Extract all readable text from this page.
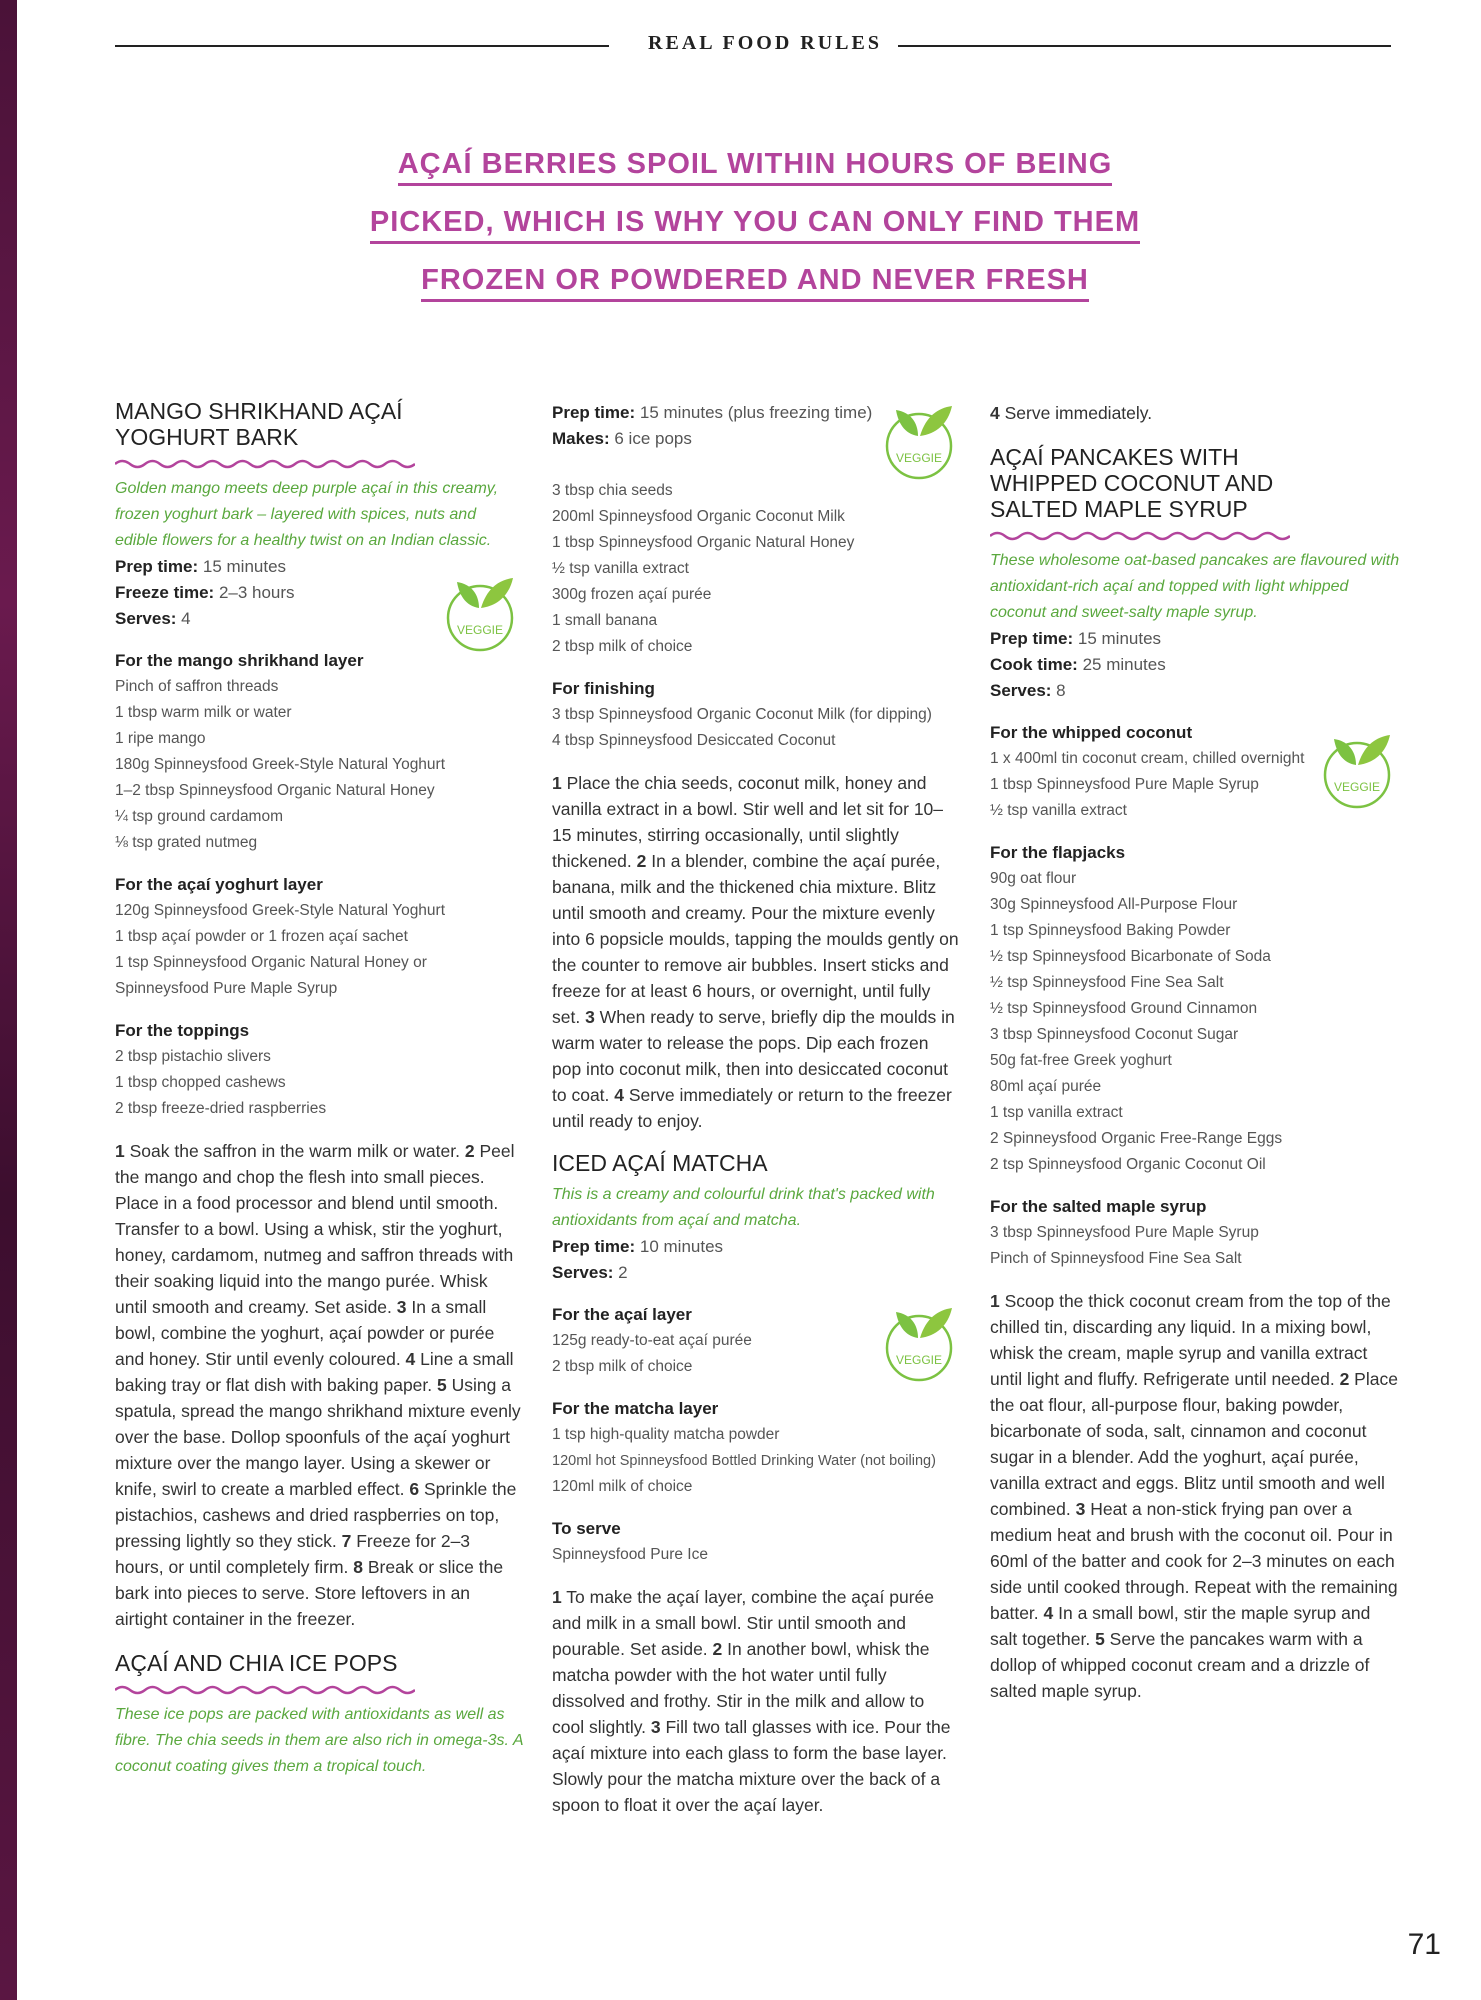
REAL FOOD RULES
AÇAÍ BERRIES SPOIL WITHIN HOURS OF BEING
PICKED, WHICH IS WHY YOU CAN ONLY FIND THEM
FROZEN OR POWDERED AND NEVER FRESH
MANGO SHRIKHAND AÇAÍ
YOGHURT BARK
Golden mango meets deep purple açaí in this creamy, frozen yoghurt bark – layered with spices, nuts and edible flowers for a healthy twist on an Indian classic.
Prep time: 15 minutes
Freeze time: 2–3 hours
Serves: 4
For the mango shrikhand layer
Pinch of saffron threads
1 tbsp warm milk or water
1 ripe mango
180g Spinneysfood Greek-Style Natural Yoghurt
1–2 tbsp Spinneysfood Organic Natural Honey
¼ tsp ground cardamom
⅛ tsp grated nutmeg
For the açaí yoghurt layer
120g Spinneysfood Greek-Style Natural Yoghurt
1 tbsp açaí powder or 1 frozen açaí sachet
1 tsp Spinneysfood Organic Natural Honey or
Spinneysfood Pure Maple Syrup
For the toppings
2 tbsp pistachio slivers
1 tbsp chopped cashews
2 tbsp freeze-dried raspberries

1 Soak the saffron in the warm milk or water. 2 Peel the mango and chop the flesh into small pieces. Place in a food processor and blend until smooth. Transfer to a bowl. Using a whisk, stir the yoghurt, honey, cardamom, nutmeg and saffron threads with their soaking liquid into the mango purée. Whisk until smooth and creamy. Set aside. 3 In a small bowl, combine the yoghurt, açaí powder or purée and honey. Stir until evenly coloured. 4 Line a small baking tray or flat dish with baking paper. 5 Using a spatula, spread the mango shrikhand mixture evenly over the base. Dollop spoonfuls of the açaí yoghurt mixture over the mango layer. Using a skewer or knife, swirl to create a marbled effect. 6 Sprinkle the pistachios, cashews and dried raspberries on top, pressing lightly so they stick. 7 Freeze for 2–3 hours, or until completely firm. 8 Break or slice the bark into pieces to serve. Store leftovers in an airtight container in the freezer.

AÇAÍ AND CHIA ICE POPS
These ice pops are packed with antioxidants as well as fibre. The chia seeds in them are also rich in omega-3s. A coconut coating gives them a tropical touch.
Prep time: 15 minutes (plus freezing time)
Makes: 6 ice pops
3 tbsp chia seeds
200ml Spinneysfood Organic Coconut Milk
1 tbsp Spinneysfood Organic Natural Honey
½ tsp vanilla extract
300g frozen açaí purée
1 small banana
2 tbsp milk of choice
For finishing
3 tbsp Spinneysfood Organic Coconut Milk (for dipping)
4 tbsp Spinneysfood Desiccated Coconut

1 Place the chia seeds, coconut milk, honey and vanilla extract in a bowl. Stir well and let sit for 10–15 minutes, stirring occasionally, until slightly thickened. 2 In a blender, combine the açaí purée, banana, milk and the thickened chia mixture. Blitz until smooth and creamy. Pour the mixture evenly into 6 popsicle moulds, tapping the moulds gently on the counter to remove air bubbles. Insert sticks and freeze for at least 6 hours, or overnight, until fully set. 3 When ready to serve, briefly dip the moulds in warm water to release the pops. Dip each frozen pop into coconut milk, then into desiccated coconut to coat. 4 Serve immediately or return to the freezer until ready to enjoy.

ICED AÇAÍ MATCHA
This is a creamy and colourful drink that's packed with antioxidants from açaí and matcha.
Prep time: 10 minutes
Serves: 2
For the açaí layer
125g ready-to-eat açaí purée
2 tbsp milk of choice
For the matcha layer
1 tsp high-quality matcha powder
120ml hot Spinneysfood Bottled Drinking Water (not boiling)
120ml milk of choice
To serve
Spinneysfood Pure Ice

1 To make the açaí layer, combine the açaí purée and milk in a small bowl. Stir until smooth and pourable. Set aside. 2 In another bowl, whisk the matcha powder with the hot water until fully dissolved and frothy. Stir in the milk and allow to cool slightly. 3 Fill two tall glasses with ice. Pour the açaí mixture into each glass to form the base layer. Slowly pour the matcha mixture over the back of a spoon to float it over the açaí layer.

4 Serve immediately.

AÇAÍ PANCAKES WITH
WHIPPED COCONUT AND
SALTED MAPLE SYRUP
These wholesome oat-based pancakes are flavoured with antioxidant-rich açaí and topped with light whipped coconut and sweet-salty maple syrup.
Prep time: 15 minutes
Cook time: 25 minutes
Serves: 8
For the whipped coconut
1 x 400ml tin coconut cream, chilled overnight
1 tbsp Spinneysfood Pure Maple Syrup
½ tsp vanilla extract
For the flapjacks
90g oat flour
30g Spinneysfood All-Purpose Flour
1 tsp Spinneysfood Baking Powder
½ tsp Spinneysfood Bicarbonate of Soda
½ tsp Spinneysfood Fine Sea Salt
½ tsp Spinneysfood Ground Cinnamon
3 tbsp Spinneysfood Coconut Sugar
50g fat-free Greek yoghurt
80ml açaí purée
1 tsp vanilla extract
2 Spinneysfood Organic Free-Range Eggs
2 tsp Spinneysfood Organic Coconut Oil
For the salted maple syrup
3 tbsp Spinneysfood Pure Maple Syrup
Pinch of Spinneysfood Fine Sea Salt

1 Scoop the thick coconut cream from the top of the chilled tin, discarding any liquid. In a mixing bowl, whisk the cream, maple syrup and vanilla extract until light and fluffy. Refrigerate until needed. 2 Place the oat flour, all-purpose flour, baking powder, bicarbonate of soda, salt, cinnamon and coconut sugar in a blender. Add the yoghurt, açaí purée, vanilla extract and eggs. Blitz until smooth and well combined. 3 Heat a non-stick frying pan over a medium heat and brush with the coconut oil. Pour in 60ml of the batter and cook for 2–3 minutes on each side until cooked through. Repeat with the remaining batter. 4 In a small bowl, stir the maple syrup and salt together. 5 Serve the pancakes warm with a dollop of whipped coconut cream and a drizzle of salted maple syrup.

VEGGIE
VEGGIE
VEGGIE
VEGGIE
71
